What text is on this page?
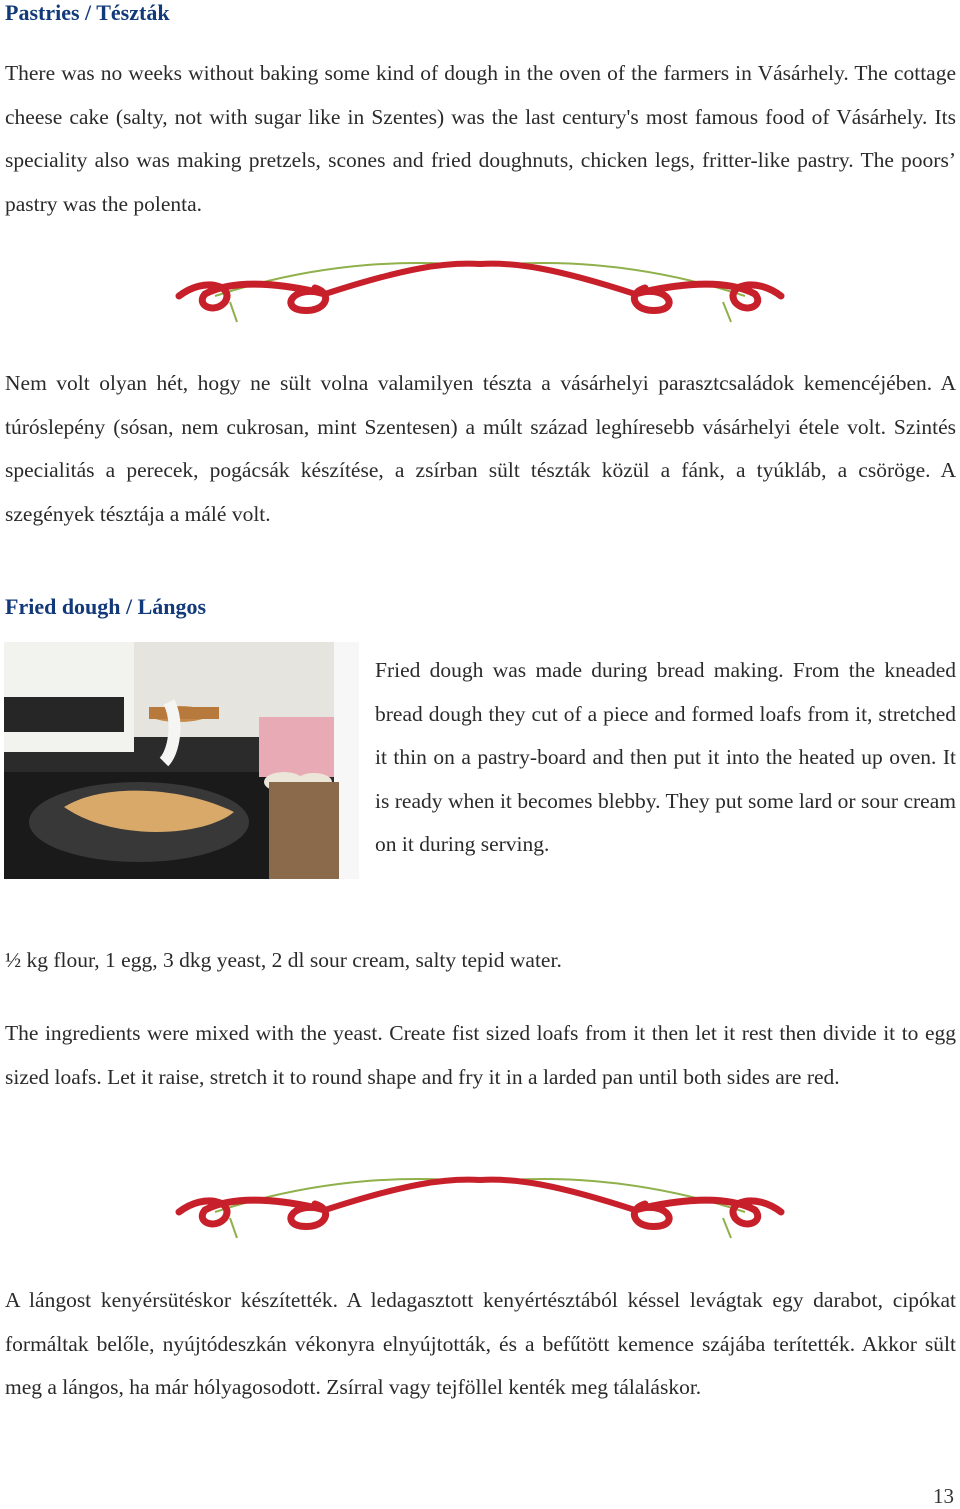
Pastries / Tészták

There was no weeks without baking some kind of dough in the oven of the farmers in Vásárhely. The cottage cheese cake (salty, not with sugar like in Szentes) was the last century's most famous food of Vásárhely. Its speciality also was making pretzels, scones and fried doughnuts, chicken legs, fritter-like pastry. The poors’ pastry was the polenta.

Nem volt olyan hét, hogy ne sült volna valamilyen tészta a vásárhelyi parasztcsaládok kemencéjében. A túróslepény (sósan, nem cukrosan, mint Szentesen) a múlt század leghíresebb vásárhelyi étele volt. Szintés specialitás a perecek, pogácsák készítése, a zsírban sült tészták közül a fánk, a tyúkláb, a csöröge. A szegények tésztája a málé volt.

Fried dough / Lángos

Fried dough was made during bread making. From the kneaded bread dough they cut of a piece and formed loafs from it, stretched it thin on a pastry-board and then put it into the heated up oven. It is ready when it becomes blebby. They put some lard or sour cream on it during serving.

½ kg flour, 1 egg, 3 dkg yeast, 2 dl sour cream, salty tepid water.

The ingredients were mixed with the yeast. Create fist sized loafs from it then let it rest then divide it to egg sized loafs. Let it raise, stretch it to round shape and fry it in a larded pan until both sides are red.

A lángost kenyérsütéskor készítették. A ledagasztott kenyértésztából késsel levágtak egy darabot, cipókat formáltak belőle, nyújtódeszkán vékonyra elnyújtották, és a befűtött kemence szájába terítették. Akkor sült meg a lángos, ha már hólyagosodott. Zsírral vagy tejföllel kenték meg tálaláskor.

13
